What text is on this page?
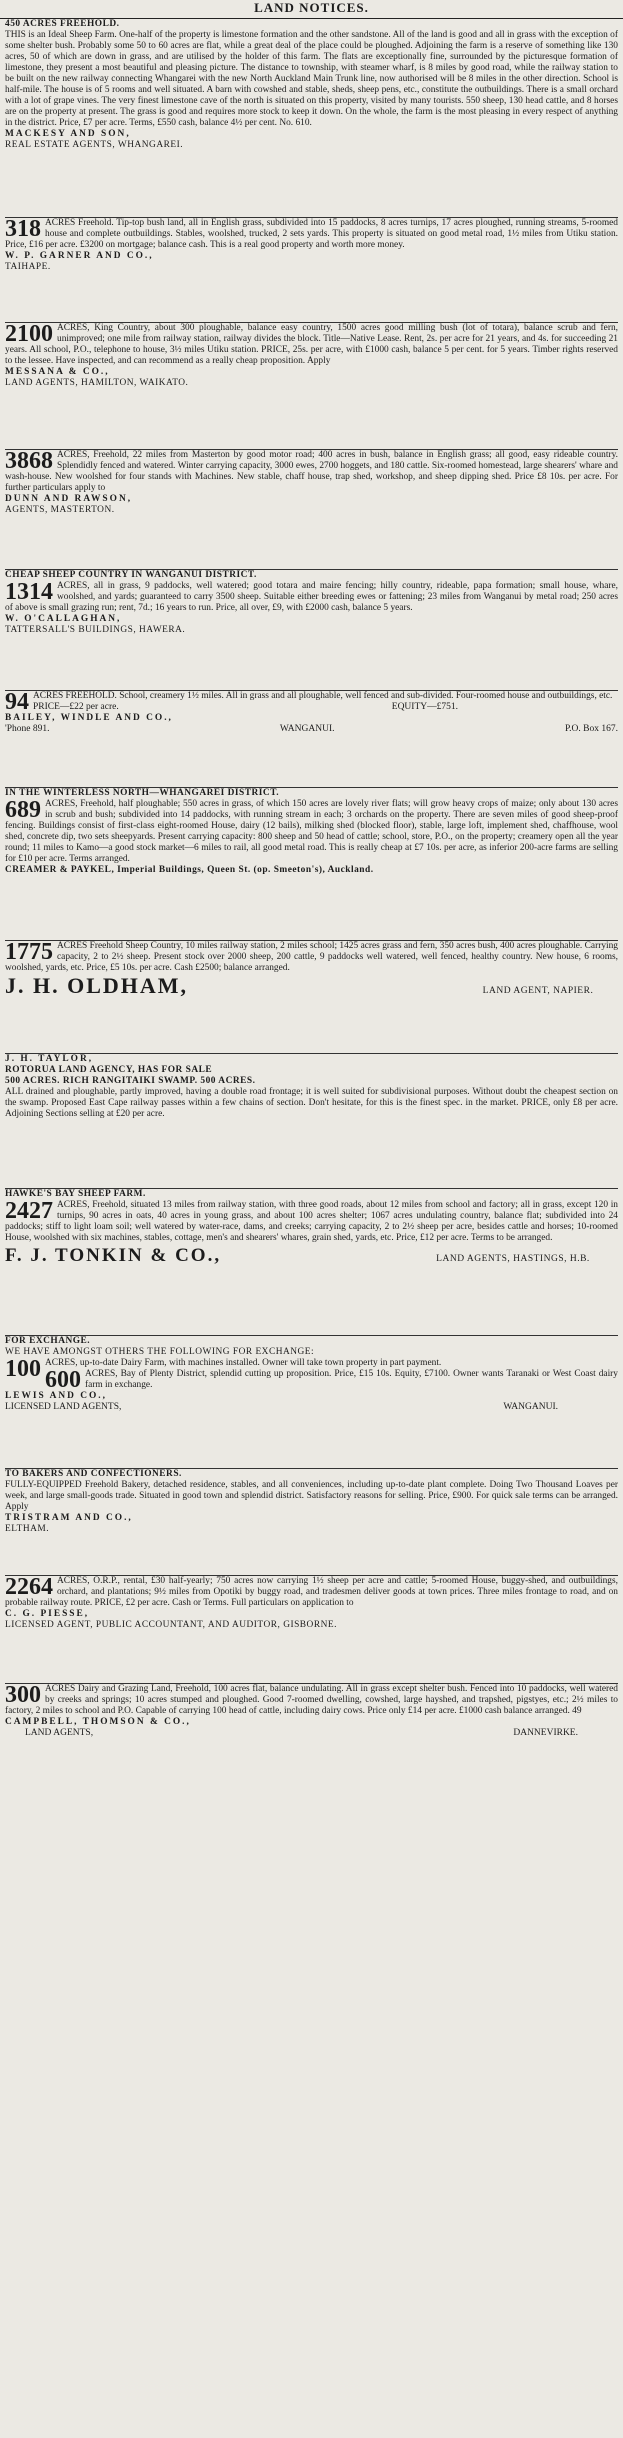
LAND NOTICES.

450 ACRES FREEHOLD.

THIS is an Ideal Sheep Farm. One-half of the property is limestone formation and the other sandstone. All of the land is good and all in grass with the exception of some shelter bush. Probably some 50 to 60 acres are flat, while a great deal of the place could be ploughed. Adjoining the farm is a reserve of something like 130 acres, 50 of which are down in grass, and are utilised by the holder of this farm. The flats are exceptionally fine, surrounded by the picturesque formation of limestone, they present a most beautiful and pleasing picture. The distance to township, with steamer wharf, is 8 miles by good road, while the railway station to be built on the new railway connecting Whangarei with the new North Auckland Main Trunk line, now authorised will be 8 miles in the other direction. School is half-mile. The house is of 5 rooms and well situated. A barn with cowshed and stable, sheds, sheep pens, etc., constitute the outbuildings. There is a small orchard with a lot of grape vines. The very finest limestone cave of the north is situated on this property, visited by many tourists. 550 sheep, 130 head cattle, and 8 horses are on the property at present. The grass is good and requires more stock to keep it down. On the whole, the farm is the most pleasing in every respect of anything in the district. Price, £7 per acre. Terms, £550 cash, balance 4½ per cent. No. 610.

MACKESY AND SON,

REAL ESTATE AGENTS, WHANGAREI.

318 ACRES Freehold. Tip-top bush land, all in English grass, subdivided into 15 paddocks, 8 acres turnips, 17 acres ploughed, running streams, 5-roomed house and complete outbuildings. Stables, woolshed, trucked, 2 sets yards. This property is situated on good metal road, 1½ miles from Utiku station. Price, £16 per acre. £3200 on mortgage; balance cash. This is a real good property and worth more money.

W. P. GARNER AND CO.,

TAIHAPE.

2100 ACRES, King Country, about 300 ploughable, balance easy country, 1500 acres good milling bush (lot of totara), balance scrub and fern, unimproved; one mile from railway station, railway divides the block. Title—Native Lease. Rent, 2s. per acre for 21 years, and 4s. for succeeding 21 years. All school, P.O., telephone to house, 3½ miles Utiku station. PRICE, 25s. per acre, with £1000 cash, balance 5 per cent. for 5 years. Timber rights reserved to the lessee. Have inspected, and can recommend as a really cheap proposition. Apply

MESSANA & CO.,

LAND AGENTS, HAMILTON, WAIKATO.

3868 ACRES, Freehold, 22 miles from Masterton by good motor road; 400 acres in bush, balance in English grass; all good, easy rideable country. Splendidly fenced and watered. Winter carrying capacity, 3000 ewes, 2700 hoggets, and 180 cattle. Six-roomed homestead, large shearers' whare and wash-house. New woolshed for four stands with Machines. New stable, chaff house, trap shed, workshop, and sheep dipping shed. Price £8 10s. per acre. For further particulars apply to

DUNN AND RAWSON,

AGENTS, MASTERTON.

CHEAP SHEEP COUNTRY IN WANGANUI DISTRICT.

1314 ACRES, all in grass, 9 paddocks, well watered; good totara and maire fencing; hilly country, rideable, papa formation; small house, whare, woolshed, and yards; guaranteed to carry 3500 sheep. Suitable either breeding ewes or fattening; 23 miles from Wanganui by metal road; 250 acres of above is small grazing run; rent, 7d.; 16 years to run. Price, all over, £9, with £2000 cash, balance 5 years.

W. O'CALLAGHAN,

TATTERSALL'S BUILDINGS, HAWERA.

94 ACRES FREEHOLD. School, creamery 1½ miles. All in grass and all ploughable, well fenced and sub-divided. Four-roomed house and outbuildings, etc.

PRICE—£22 per acre.	EQUITY—£751.

BAILEY, WINDLE AND CO.,

'Phone 891.	WANGANUI.	P.O. Box 167.

IN THE WINTERLESS NORTH—WHANGAREI DISTRICT.

689 ACRES, Freehold, half ploughable; 550 acres in grass, of which 150 acres are lovely river flats; will grow heavy crops of maize; only about 130 acres in scrub and bush; subdivided into 14 paddocks, with running stream in each; 3 orchards on the property. There are seven miles of good sheep-proof fencing. Buildings consist of first-class eight-roomed House, dairy (12 bails), milking shed (blocked floor), stable, large loft, implement shed, chaffhouse, wool shed, concrete dip, two sets sheepyards. Present carrying capacity: 800 sheep and 50 head of cattle; school, store, P.O., on the property; creamery open all the year round; 11 miles to Kamo—a good stock market—6 miles to rail, all good metal road. This is really cheap at £7 10s. per acre, as inferior 200-acre farms are selling for £10 per acre. Terms arranged.

CREAMER & PAYKEL, Imperial Buildings, Queen St. (op. Smeeton's), Auckland.

1775 ACRES Freehold Sheep Country, 10 miles railway station, 2 miles school; 1425 acres grass and fern, 350 acres bush, 400 acres ploughable. Carrying capacity, 2 to 2½ sheep. Present stock over 2000 sheep, 200 cattle, 9 paddocks well watered, well fenced, healthy country. New house, 6 rooms, woolshed, yards, etc. Price, £5 10s. per acre. Cash £2500; balance arranged.

J. H. OLDHAM,	LAND AGENT, NAPIER.

J. H. TAYLOR,

ROTORUA LAND AGENCY, HAS FOR SALE

500 ACRES. RICH RANGITAIKI SWAMP. 500 ACRES.

ALL drained and ploughable, partly improved, having a double road frontage; it is well suited for subdivisional purposes. Without doubt the cheapest section on the swamp. Proposed East Cape railway passes within a few chains of section. Don't hesitate, for this is the finest spec. in the market. PRICE, only £8 per acre. Adjoining Sections selling at £20 per acre.

HAWKE'S BAY SHEEP FARM.

2427 ACRES, Freehold, situated 13 miles from railway station, with three good roads, about 12 miles from school and factory; all in grass, except 120 in turnips, 90 acres in oats, 40 acres in young grass, and about 100 acres shelter; 1067 acres undulating country, balance flat; subdivided into 24 paddocks; stiff to light loam soil; well watered by water-race, dams, and creeks; carrying capacity, 2 to 2½ sheep per acre, besides cattle and horses; 10-roomed House, woolshed with six machines, stables, cottage, men's and shearers' whares, grain shed, yards, etc. Price, £12 per acre. Terms to be arranged.

F. J. TONKIN & CO.,	LAND AGENTS, HASTINGS, H.B.

FOR EXCHANGE.

WE HAVE AMONGST OTHERS THE FOLLOWING FOR EXCHANGE:

100 ACRES, up-to-date Dairy Farm, with machines installed. Owner will take town property in part payment.

600 ACRES, Bay of Plenty District, splendid cutting up proposition. Price, £15 10s. Equity, £7100. Owner wants Taranaki or West Coast dairy farm in exchange.

LEWIS AND CO.,

LICENSED LAND AGENTS,	WANGANUI.

TO BAKERS AND CONFECTIONERS.

FULLY-EQUIPPED Freehold Bakery, detached residence, stables, and all conveniences, including up-to-date plant complete. Doing Two Thousand Loaves per week, and large small-goods trade. Situated in good town and splendid district. Satisfactory reasons for selling. Price, £900. For quick sale terms can be arranged. Apply

TRISTRAM AND CO.,

ELTHAM.

2264 ACRES, O.R.P., rental, £30 half-yearly; 750 acres now carrying 1½ sheep per acre and cattle; 5-roomed House, buggy-shed, and outbuildings, orchard, and plantations; 9½ miles from Opotiki by buggy road, and tradesmen deliver goods at town prices. Three miles frontage to road, and on probable railway route. PRICE, £2 per acre. Cash or Terms. Full particulars on application to

C. G. PIESSE,

LICENSED AGENT, PUBLIC ACCOUNTANT, AND AUDITOR, GISBORNE.

300 ACRES Dairy and Grazing Land, Freehold, 100 acres flat, balance undulating. All in grass except shelter bush. Fenced into 10 paddocks, well watered by creeks and springs; 10 acres stumped and ploughed. Good 7-roomed dwelling, cowshed, large hayshed, and trapshed, pigstyes, etc.; 2½ miles to factory, 2 miles to school and P.O. Capable of carrying 100 head of cattle, including dairy cows. Price only £14 per acre. £1000 cash balance arranged. 49

CAMPBELL, THOMSON & CO.,

LAND AGENTS,	DANNEVIRKE.
